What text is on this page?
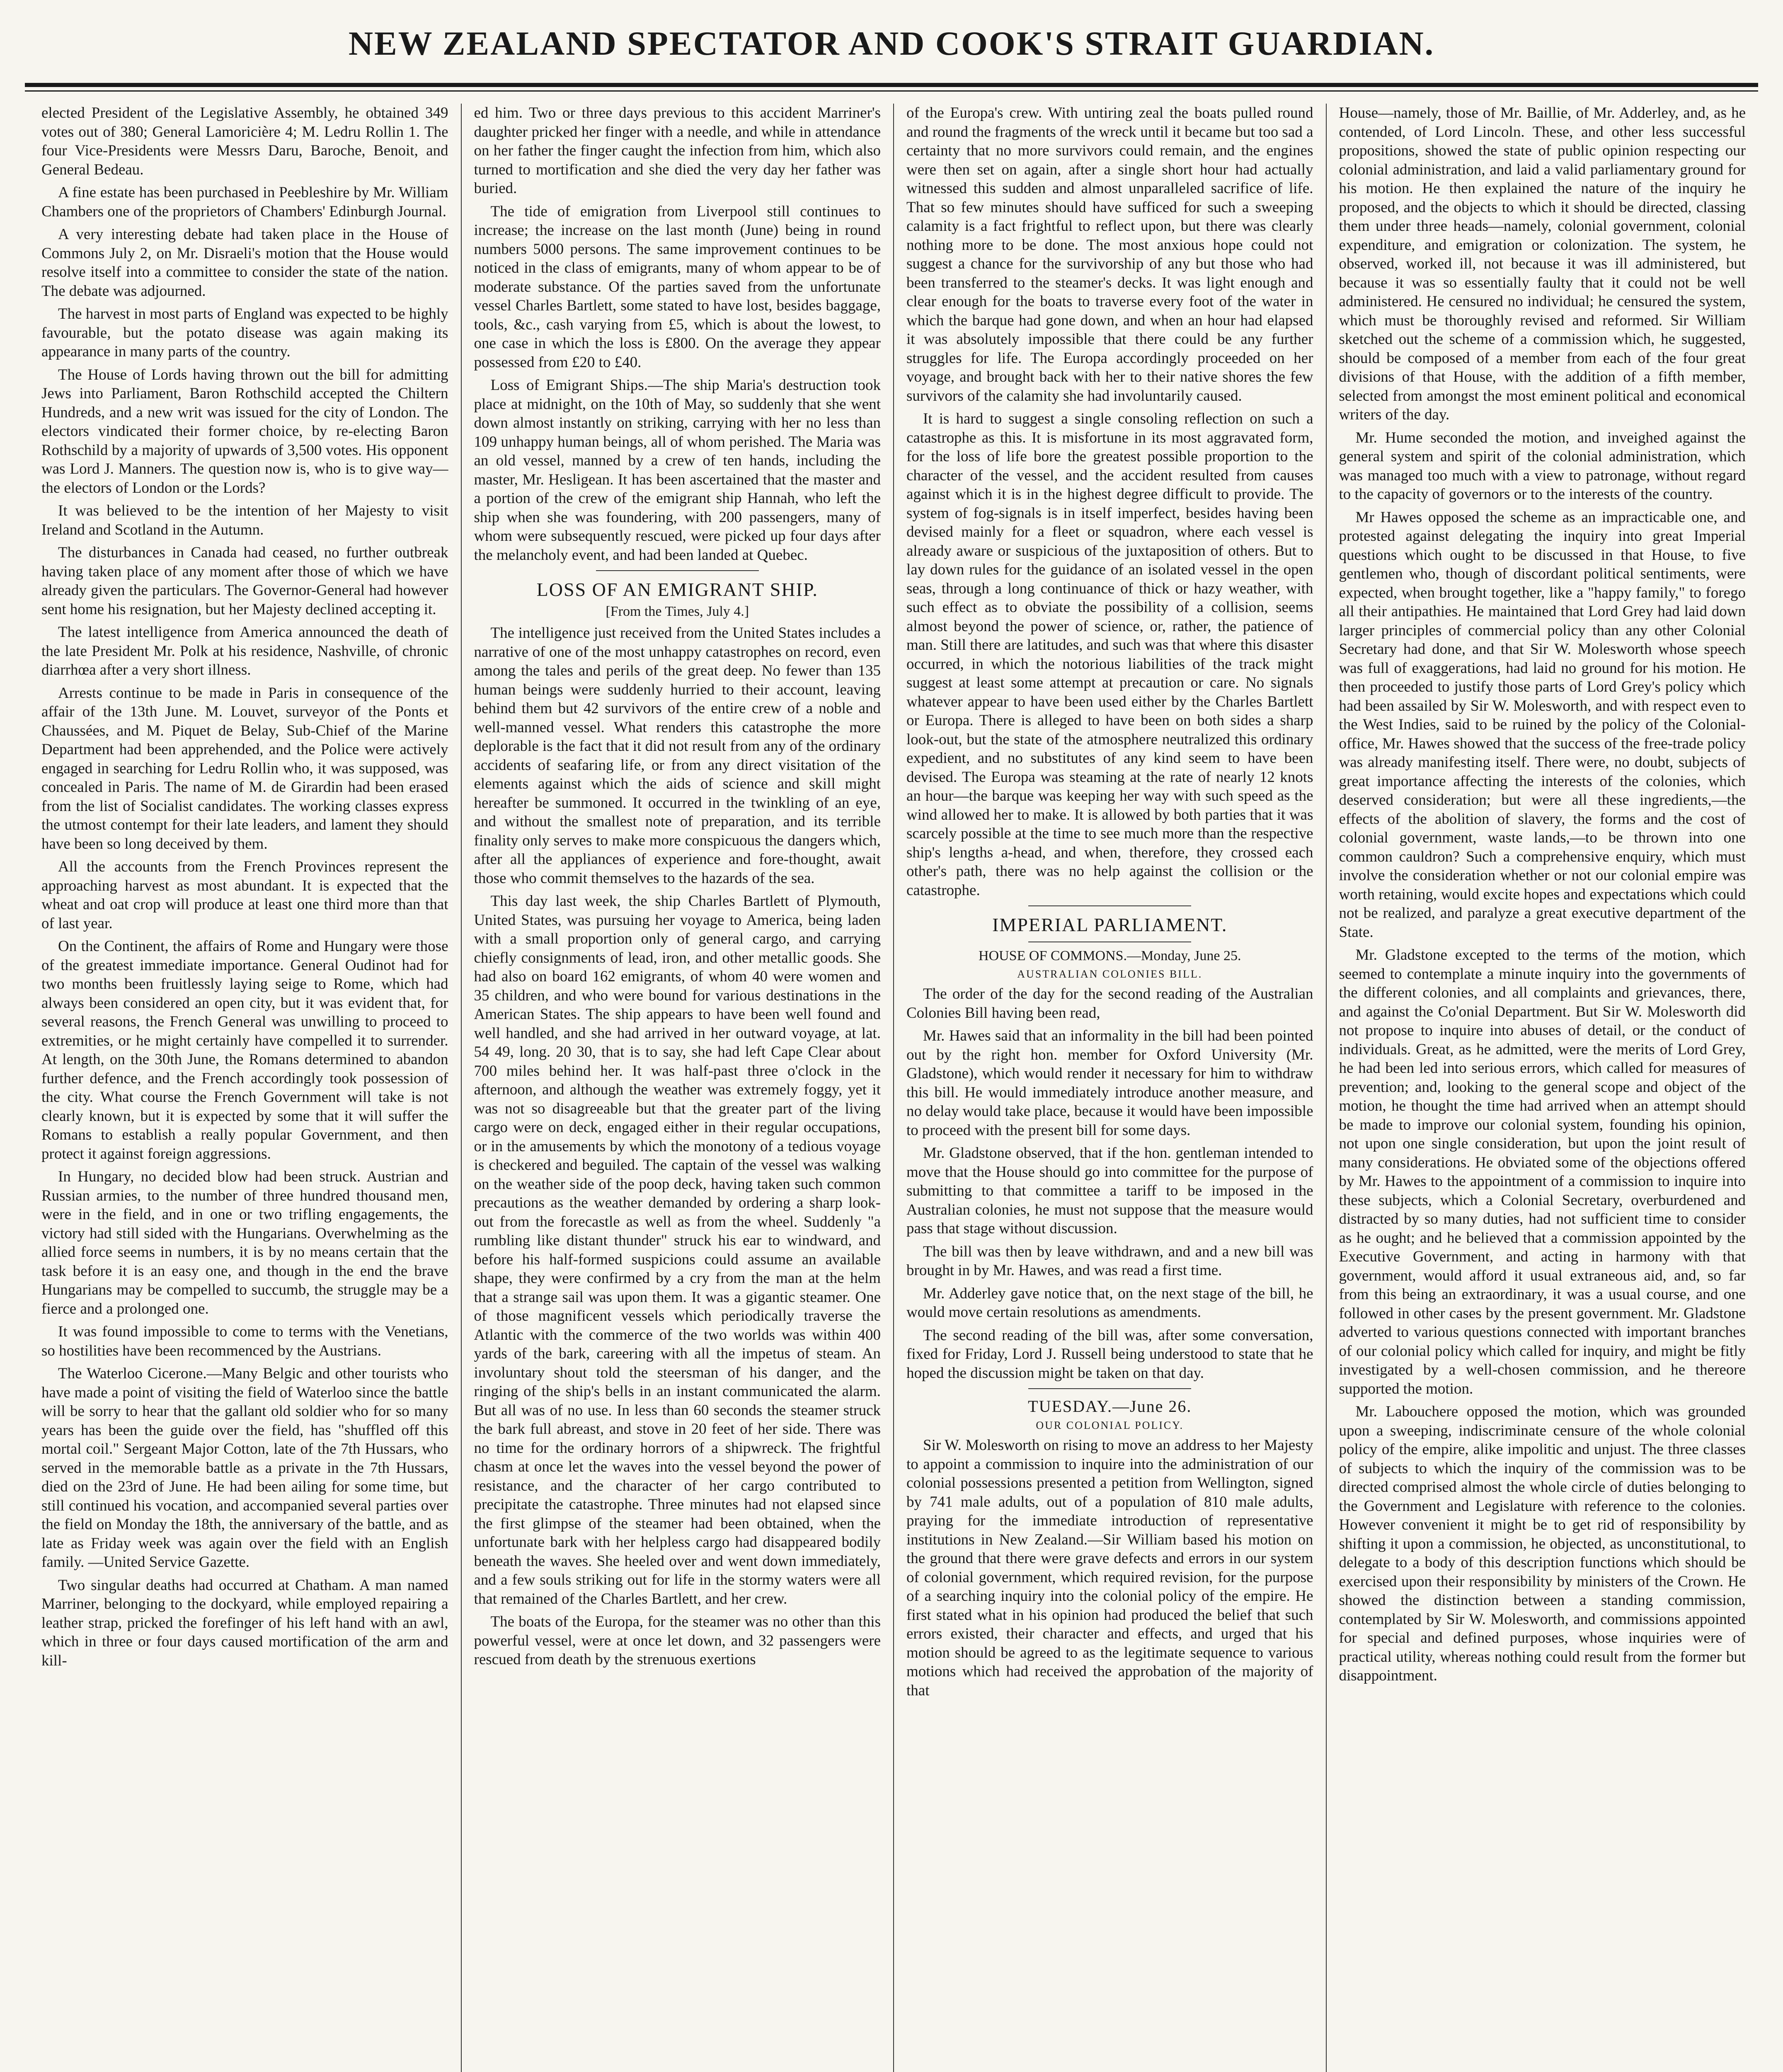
NEW ZEALAND SPECTATOR AND COOK'S STRAIT GUARDIAN.

elected President of the Legislative Assembly, he obtained 349 votes out of 380; General Lamoricière 4; M. Ledru Rollin 1. The four Vice-Presidents were Messrs Daru, Baroche, Benoit, and General Bedeau.

A fine estate has been purchased in Peebleshire by Mr. William Chambers one of the proprietors of Chambers' Edinburgh Journal.

A very interesting debate had taken place in the House of Commons July 2, on Mr. Disraeli's motion that the House would resolve itself into a committee to consider the state of the nation. The debate was adjourned.

The harvest in most parts of England was expected to be highly favourable, but the potato disease was again making its appearance in many parts of the country.

The House of Lords having thrown out the bill for admitting Jews into Parliament, Baron Rothschild accepted the Chiltern Hundreds, and a new writ was issued for the city of London. The electors vindicated their former choice, by re-electing Baron Rothschild by a majority of upwards of 3,500 votes. His opponent was Lord J. Manners. The question now is, who is to give way—the electors of London or the Lords?

It was believed to be the intention of her Majesty to visit Ireland and Scotland in the Autumn.

The disturbances in Canada had ceased, no further outbreak having taken place of any moment after those of which we have already given the particulars. The Governor-General had however sent home his resignation, but her Majesty declined accepting it.

The latest intelligence from America announced the death of the late President Mr. Polk at his residence, Nashville, of chronic diarrhœa after a very short illness.

Arrests continue to be made in Paris in consequence of the affair of the 13th June. M. Louvet, surveyor of the Ponts et Chaussées, and M. Piquet de Belay, Sub-Chief of the Marine Department had been apprehended, and the Police were actively engaged in searching for Ledru Rollin who, it was supposed, was concealed in Paris. The name of M. de Girardin had been erased from the list of Socialist candidates. The working classes express the utmost contempt for their late leaders, and lament they should have been so long deceived by them.

All the accounts from the French Provinces represent the approaching harvest as most abundant. It is expected that the wheat and oat crop will produce at least one third more than that of last year.

On the Continent, the affairs of Rome and Hungary were those of the greatest immediate importance. General Oudinot had for two months been fruitlessly laying seige to Rome, which had always been considered an open city, but it was evident that, for several reasons, the French General was unwilling to proceed to extremities, or he might certainly have compelled it to surrender. At length, on the 30th June, the Romans determined to abandon further defence, and the French accordingly took possession of the city. What course the French Government will take is not clearly known, but it is expected by some that it will suffer the Romans to establish a really popular Government, and then protect it against foreign aggressions.

In Hungary, no decided blow had been struck. Austrian and Russian armies, to the number of three hundred thousand men, were in the field, and in one or two trifling engagements, the victory had still sided with the Hungarians. Overwhelming as the allied force seems in numbers, it is by no means certain that the task before it is an easy one, and though in the end the brave Hungarians may be compelled to succumb, the struggle may be a fierce and a prolonged one.

It was found impossible to come to terms with the Venetians, so hostilities have been recommenced by the Austrians.

The Waterloo Cicerone.—Many Belgic and other tourists who have made a point of visiting the field of Waterloo since the battle will be sorry to hear that the gallant old soldier who for so many years has been the guide over the field, has "shuffled off this mortal coil." Sergeant Major Cotton, late of the 7th Hussars, who served in the memorable battle as a private in the 7th Hussars, died on the 23rd of June. He had been ailing for some time, but still continued his vocation, and accompanied several parties over the field on Monday the 18th, the anniversary of the battle, and as late as Friday week was again over the field with an English family. —United Service Gazette.

Two singular deaths had occurred at Chatham. A man named Marriner, belonging to the dockyard, while employed repairing a leather strap, pricked the forefinger of his left hand with an awl, which in three or four days caused mortification of the arm and kill-

ed him. Two or three days previous to this accident Marriner's daughter pricked her finger with a needle, and while in attendance on her father the finger caught the infection from him, which also turned to mortification and she died the very day her father was buried.

The tide of emigration from Liverpool still continues to increase; the increase on the last month (June) being in round numbers 5000 persons. The same improvement continues to be noticed in the class of emigrants, many of whom appear to be of moderate substance. Of the parties saved from the unfortunate vessel Charles Bartlett, some stated to have lost, besides baggage, tools, &c., cash varying from £5, which is about the lowest, to one case in which the loss is £800. On the average they appear possessed from £20 to £40.

Loss of Emigrant Ships.—The ship Maria's destruction took place at midnight, on the 10th of May, so suddenly that she went down almost instantly on striking, carrying with her no less than 109 unhappy human beings, all of whom perished. The Maria was an old vessel, manned by a crew of ten hands, including the master, Mr. Hesligean. It has been ascertained that the master and a portion of the crew of the emigrant ship Hannah, who left the ship when she was foundering, with 200 passengers, many of whom were subsequently rescued, were picked up four days after the melancholy event, and had been landed at Quebec.

LOSS OF AN EMIGRANT SHIP.
[From the Times, July 4.]

The intelligence just received from the United States includes a narrative of one of the most unhappy catastrophes on record, even among the tales and perils of the great deep. No fewer than 135 human beings were suddenly hurried to their account, leaving behind them but 42 survivors of the entire crew of a noble and well-manned vessel. What renders this catastrophe the more deplorable is the fact that it did not result from any of the ordinary accidents of seafaring life, or from any direct visitation of the elements against which the aids of science and skill might hereafter be summoned. It occurred in the twinkling of an eye, and without the smallest note of preparation, and its terrible finality only serves to make more conspicuous the dangers which, after all the appliances of experience and fore-thought, await those who commit themselves to the hazards of the sea.

This day last week, the ship Charles Bartlett of Plymouth, United States, was pursuing her voyage to America, being laden with a small proportion only of general cargo, and carrying chiefly consignments of lead, iron, and other metallic goods. She had also on board 162 emigrants, of whom 40 were women and 35 children, and who were bound for various destinations in the American States. The ship appears to have been well found and well handled, and she had arrived in her outward voyage, at lat. 54 49, long. 20 30, that is to say, she had left Cape Clear about 700 miles behind her. It was half-past three o'clock in the afternoon, and although the weather was extremely foggy, yet it was not so disagreeable but that the greater part of the living cargo were on deck, engaged either in their regular occupations, or in the amusements by which the monotony of a tedious voyage is checkered and beguiled. The captain of the vessel was walking on the weather side of the poop deck, having taken such common precautions as the weather demanded by ordering a sharp look-out from the forecastle as well as from the wheel. Suddenly "a rumbling like distant thunder" struck his ear to windward, and before his half-formed suspicions could assume an available shape, they were confirmed by a cry from the man at the helm that a strange sail was upon them. It was a gigantic steamer. One of those magnificent vessels which periodically traverse the Atlantic with the commerce of the two worlds was within 400 yards of the bark, careering with all the impetus of steam. An involuntary shout told the steersman of his danger, and the ringing of the ship's bells in an instant communicated the alarm. But all was of no use. In less than 60 seconds the steamer struck the bark full abreast, and stove in 20 feet of her side. There was no time for the ordinary horrors of a shipwreck. The frightful chasm at once let the waves into the vessel beyond the power of resistance, and the character of her cargo contributed to precipitate the catastrophe. Three minutes had not elapsed since the first glimpse of the steamer had been obtained, when the unfortunate bark with her helpless cargo had disappeared bodily beneath the waves. She heeled over and went down immediately, and a few souls striking out for life in the stormy waters were all that remained of the Charles Bartlett, and her crew.

The boats of the Europa, for the steamer was no other than this powerful vessel, were at once let down, and 32 passengers were rescued from death by the strenuous exertions

of the Europa's crew. With untiring zeal the boats pulled round and round the fragments of the wreck until it became but too sad a certainty that no more survivors could remain, and the engines were then set on again, after a single short hour had actually witnessed this sudden and almost unparalleled sacrifice of life. That so few minutes should have sufficed for such a sweeping calamity is a fact frightful to reflect upon, but there was clearly nothing more to be done. The most anxious hope could not suggest a chance for the survivorship of any but those who had been transferred to the steamer's decks. It was light enough and clear enough for the boats to traverse every foot of the water in which the barque had gone down, and when an hour had elapsed it was absolutely impossible that there could be any further struggles for life. The Europa accordingly proceeded on her voyage, and brought back with her to their native shores the few survivors of the calamity she had involuntarily caused.

It is hard to suggest a single consoling reflection on such a catastrophe as this. It is misfortune in its most aggravated form, for the loss of life bore the greatest possible proportion to the character of the vessel, and the accident resulted from causes against which it is in the highest degree difficult to provide. The system of fog-signals is in itself imperfect, besides having been devised mainly for a fleet or squadron, where each vessel is already aware or suspicious of the juxtaposition of others. But to lay down rules for the guidance of an isolated vessel in the open seas, through a long continuance of thick or hazy weather, with such effect as to obviate the possibility of a collision, seems almost beyond the power of science, or, rather, the patience of man. Still there are latitudes, and such was that where this disaster occurred, in which the notorious liabilities of the track might suggest at least some attempt at precaution or care. No signals whatever appear to have been used either by the Charles Bartlett or Europa. There is alleged to have been on both sides a sharp look-out, but the state of the atmosphere neutralized this ordinary expedient, and no substitutes of any kind seem to have been devised. The Europa was steaming at the rate of nearly 12 knots an hour—the barque was keeping her way with such speed as the wind allowed her to make. It is allowed by both parties that it was scarcely possible at the time to see much more than the respective ship's lengths a-head, and when, therefore, they crossed each other's path, there was no help against the collision or the catastrophe.

IMPERIAL PARLIAMENT.
HOUSE OF COMMONS.—Monday, June 25.
AUSTRALIAN COLONIES BILL.

The order of the day for the second reading of the Australian Colonies Bill having been read,

Mr. Hawes said that an informality in the bill had been pointed out by the right hon. member for Oxford University (Mr. Gladstone), which would render it necessary for him to withdraw this bill. He would immediately introduce another measure, and no delay would take place, because it would have been impossible to proceed with the present bill for some days.

Mr. Gladstone observed, that if the hon. gentleman intended to move that the House should go into committee for the purpose of submitting to that committee a tariff to be imposed in the Australian colonies, he must not suppose that the measure would pass that stage without discussion.

The bill was then by leave withdrawn, and and a new bill was brought in by Mr. Hawes, and was read a first time.

Mr. Adderley gave notice that, on the next stage of the bill, he would move certain resolutions as amendments.

The second reading of the bill was, after some conversation, fixed for Friday, Lord J. Russell being understood to state that he hoped the discussion might be taken on that day.

TUESDAY.—June 26.
OUR COLONIAL POLICY.

Sir W. Molesworth on rising to move an address to her Majesty to appoint a commission to inquire into the administration of our colonial possessions presented a petition from Wellington, signed by 741 male adults, out of a population of 810 male adults, praying for the immediate introduction of representative institutions in New Zealand.—Sir William based his motion on the ground that there were grave defects and errors in our system of colonial government, which required revision, for the purpose of a searching inquiry into the colonial policy of the empire. He first stated what in his opinion had produced the belief that such errors existed, their character and effects, and urged that his motion should be agreed to as the legitimate sequence to various motions which had received the approbation of the majority of that

House—namely, those of Mr. Baillie, of Mr. Adderley, and, as he contended, of Lord Lincoln. These, and other less successful propositions, showed the state of public opinion respecting our colonial administration, and laid a valid parliamentary ground for his motion. He then explained the nature of the inquiry he proposed, and the objects to which it should be directed, classing them under three heads—namely, colonial government, colonial expenditure, and emigration or colonization. The system, he observed, worked ill, not because it was ill administered, but because it was so essentially faulty that it could not be well administered. He censured no individual; he censured the system, which must be thoroughly revised and reformed. Sir William sketched out the scheme of a commission which, he suggested, should be composed of a member from each of the four great divisions of that House, with the addition of a fifth member, selected from amongst the most eminent political and economical writers of the day.

Mr. Hume seconded the motion, and inveighed against the general system and spirit of the colonial administration, which was managed too much with a view to patronage, without regard to the capacity of governors or to the interests of the country.

Mr Hawes opposed the scheme as an impracticable one, and protested against delegating the inquiry into great Imperial questions which ought to be discussed in that House, to five gentlemen who, though of discordant political sentiments, were expected, when brought together, like a "happy family," to forego all their antipathies. He maintained that Lord Grey had laid down larger principles of commercial policy than any other Colonial Secretary had done, and that Sir W. Molesworth whose speech was full of exaggerations, had laid no ground for his motion. He then proceeded to justify those parts of Lord Grey's policy which had been assailed by Sir W. Molesworth, and with respect even to the West Indies, said to be ruined by the policy of the Colonial-office, Mr. Hawes showed that the success of the free-trade policy was already manifesting itself. There were, no doubt, subjects of great importance affecting the interests of the colonies, which deserved consideration; but were all these ingredients,—the effects of the abolition of slavery, the forms and the cost of colonial government, waste lands,—to be thrown into one common cauldron? Such a comprehensive enquiry, which must involve the consideration whether or not our colonial empire was worth retaining, would excite hopes and expectations which could not be realized, and paralyze a great executive department of the State.

Mr. Gladstone excepted to the terms of the motion, which seemed to contemplate a minute inquiry into the governments of the different colonies, and all complaints and grievances, there, and against the Co'onial Department. But Sir W. Molesworth did not propose to inquire into abuses of detail, or the conduct of individuals. Great, as he admitted, were the merits of Lord Grey, he had been led into serious errors, which called for measures of prevention; and, looking to the general scope and object of the motion, he thought the time had arrived when an attempt should be made to improve our colonial system, founding his opinion, not upon one single consideration, but upon the joint result of many considerations. He obviated some of the objections offered by Mr. Hawes to the appointment of a commission to inquire into these subjects, which a Colonial Secretary, overburdened and distracted by so many duties, had not sufficient time to consider as he ought; and he believed that a commission appointed by the Executive Government, and acting in harmony with that government, would afford it usual extraneous aid, and, so far from this being an extraordinary, it was a usual course, and one followed in other cases by the present government. Mr. Gladstone adverted to various questions connected with important branches of our colonial policy which called for inquiry, and might be fitly investigated by a well-chosen commission, and he thereore supported the motion.

Mr. Labouchere opposed the motion, which was grounded upon a sweeping, indiscriminate censure of the whole colonial policy of the empire, alike impolitic and unjust. The three classes of subjects to which the inquiry of the commission was to be directed comprised almost the whole circle of duties belonging to the Government and Legislature with reference to the colonies. However convenient it might be to get rid of responsibility by shifting it upon a commission, he objected, as unconstitutional, to delegate to a body of this description functions which should be exercised upon their responsibility by ministers of the Crown. He showed the distinction between a standing commission, contemplated by Sir W. Molesworth, and commissions appointed for special and defined purposes, whose inquiries were of practical utility, whereas nothing could result from the former but disappointment.
